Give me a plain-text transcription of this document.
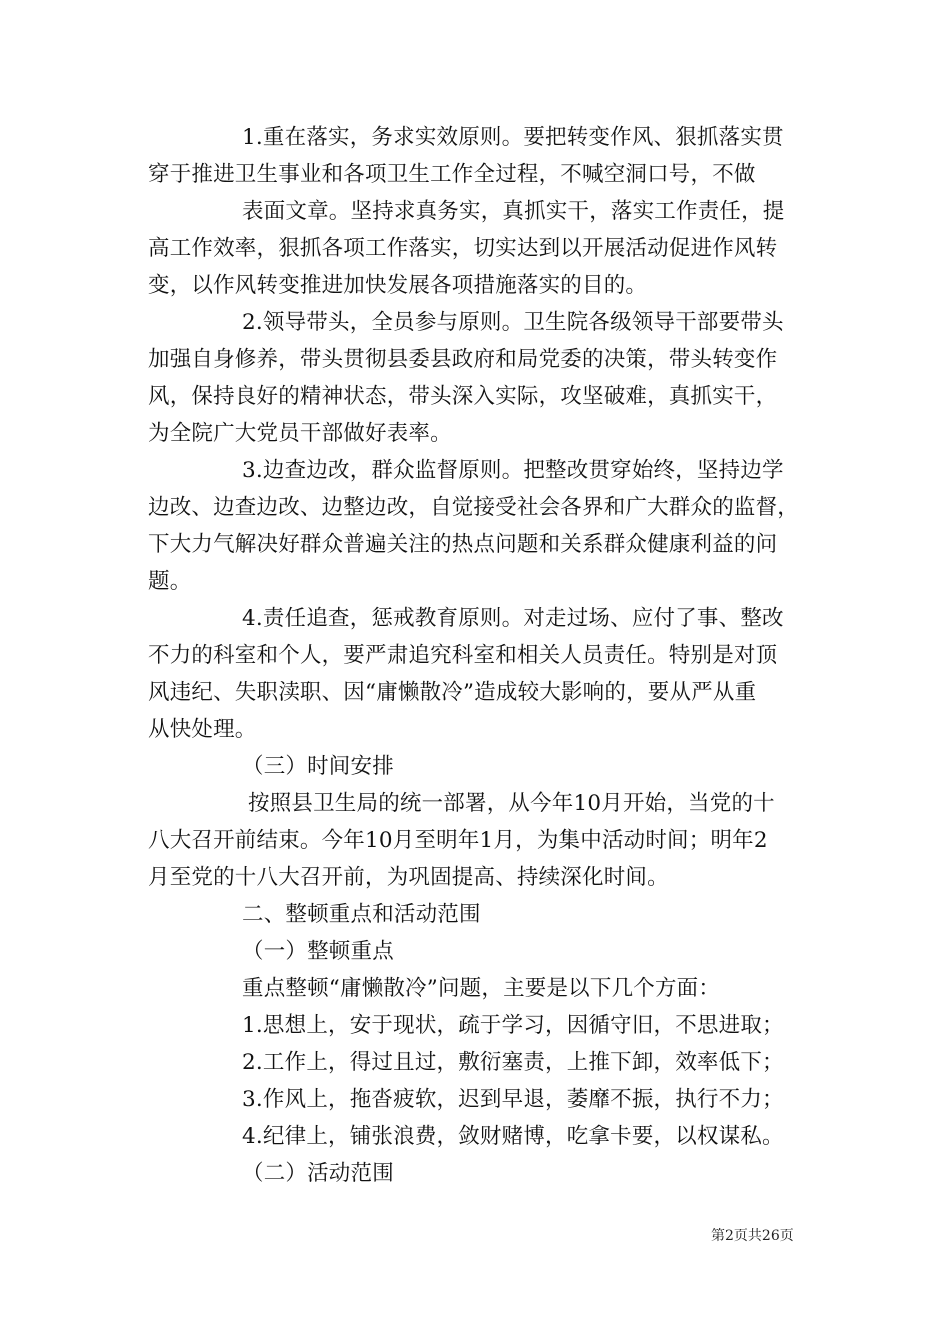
1.重在落实，务求实效原则。要把转变作风、狠抓落实贯
穿于推进卫生事业和各项卫生工作全过程，不喊空洞口号，不做
表面文章。坚持求真务实，真抓实干，落实工作责任，提
高工作效率，狠抓各项工作落实，切实达到以开展活动促进作风转
变，以作风转变推进加快发展各项措施落实的目的。
2.领导带头，全员参与原则。卫生院各级领导干部要带头
加强自身修养，带头贯彻县委县政府和局党委的决策，带头转变作
风，保持良好的精神状态，带头深入实际，攻坚破难，真抓实干，
为全院广大党员干部做好表率。
3.边查边改，群众监督原则。把整改贯穿始终，坚持边学
边改、边查边改、边整边改，自觉接受社会各界和广大群众的监督，
下大力气解决好群众普遍关注的热点问题和关系群众健康利益的问
题。
4.责任追查，惩戒教育原则。对走过场、应付了事、整改
不力的科室和个人，要严肃追究科室和相关人员责任。特别是对顶
风违纪、失职渎职、因“庸懒散冷”造成较大影响的，要从严从重
从快处理。
（三）时间安排
按照县卫生局的统一部署，从今年10月开始，当党的十
八大召开前结束。今年10月至明年1月，为集中活动时间；明年2
月至党的十八大召开前，为巩固提高、持续深化时间。
二、整顿重点和活动范围
（一）整顿重点
重点整顿“庸懒散冷”问题，主要是以下几个方面：
1.思想上，安于现状，疏于学习，因循守旧，不思进取；
2.工作上，得过且过，敷衍塞责，上推下卸，效率低下；
3.作风上，拖沓疲软，迟到早退，萎靡不振，执行不力；
4.纪律上，铺张浪费，敛财赌博，吃拿卡要，以权谋私。
（二）活动范围
第2页共26页
